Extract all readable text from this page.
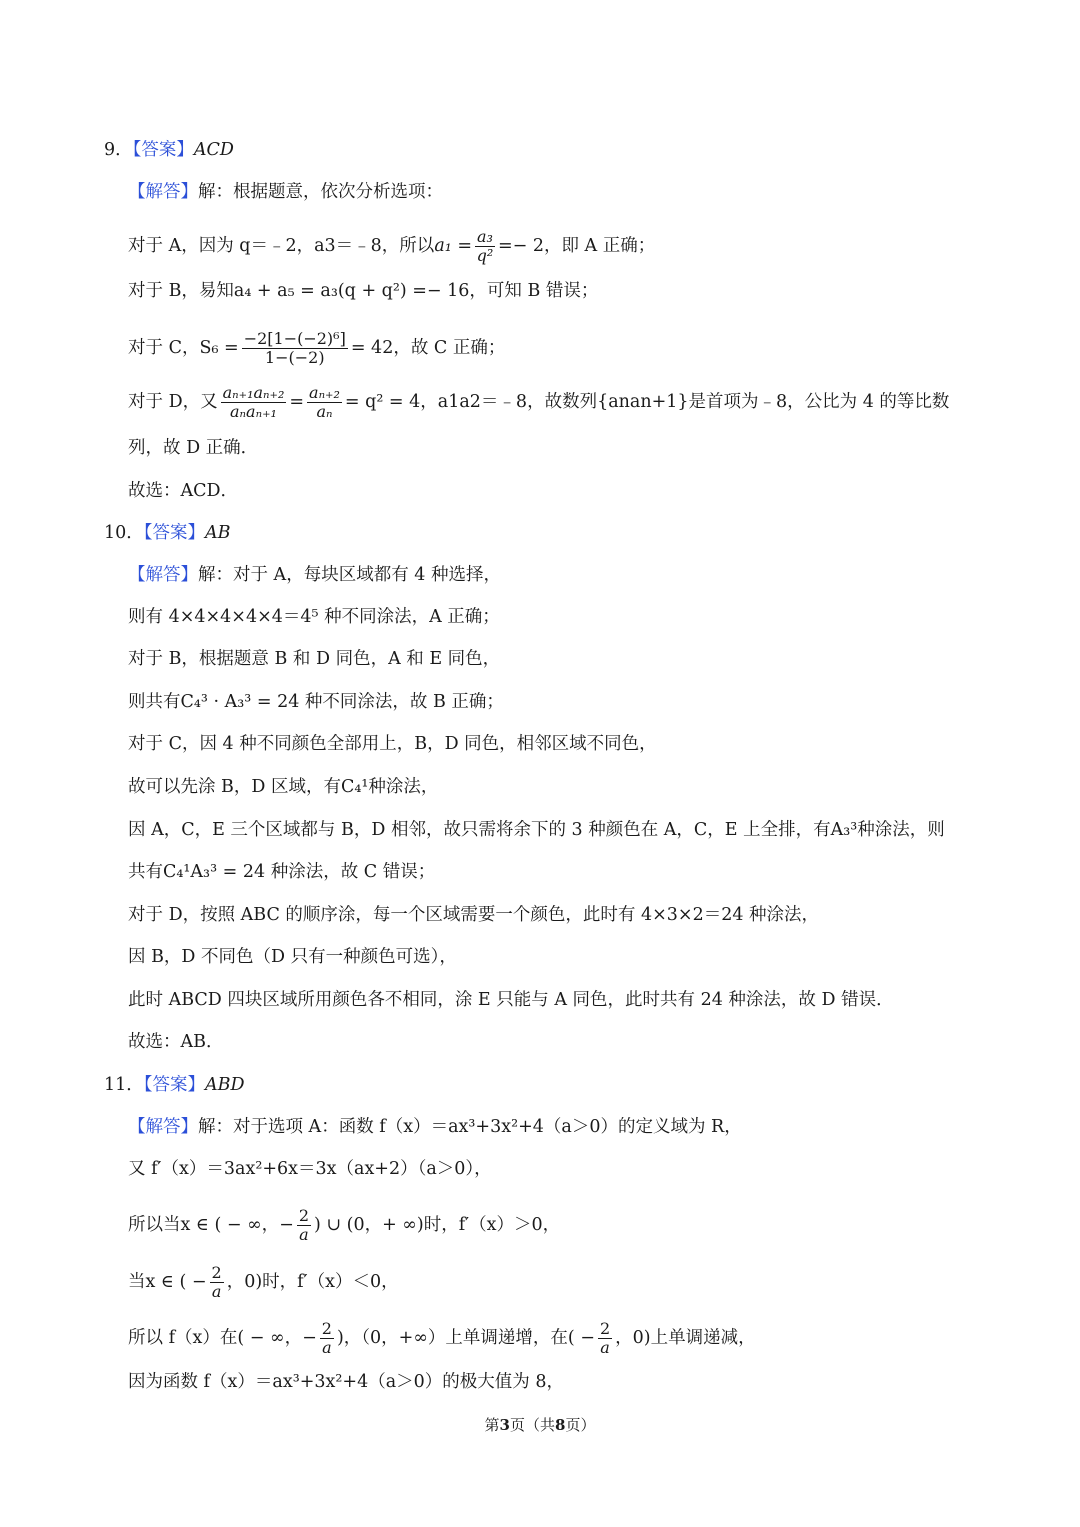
9．【答案】ACD
【解答】解：根据题意，依次分析选项：
对于 A，因为 q＝﹣2，a3＝﹣8，所以$a_1 = \frac{\text{a₃}}{\text{q²}} =- 2$，即 A 正确；
对于 B，易知a₄ + a₅ = a₃(q + q²) =− 16，可知 B 错误；
对于 C，$S_6 = \frac{\text{−2[1−(−2)⁶]}}{1-(-2)} = 42$，故 C 正确；
对于 D，又 $\frac{\text{aₙ₊₁aₙ₊₂}}{\text{aₙaₙ₊₁}} = \frac{\text{aₙ₊₂}}{\text{aₙ}} = q^2 = 4$，a1a2＝﹣8，故数列{anan+1}是首项为﹣8，公比为 4 的等比数
列，故 D 正确．
故选：ACD．
10．【答案】AB
【解答】解：对于 A，每块区域都有 4 种选择，
则有 4×4×4×4×4＝4⁵ 种不同涂法，A 正确；
对于 B，根据题意 B 和 D 同色，A 和 E 同色，
则共有C₄³ · A₃³ = 24 种不同涂法，故 B 正确；
对于 C，因 4 种不同颜色全部用上，B，D 同色，相邻区域不同色，
故可以先涂 B，D 区域，有C₄¹种涂法，
因 A，C，E 三个区域都与 B，D 相邻，故只需将余下的 3 种颜色在 A，C，E 上全排，有A₃³种涂法，则
共有C₄¹A₃³ = 24 种涂法，故 C 错误；
对于 D，按照 ABC 的顺序涂，每一个区域需要一个颜色，此时有 4×3×2＝24 种涂法，
因 B，D 不同色（D 只有一种颜色可选），
此时 ABCD 四块区域所用颜色各不相同，涂 E 只能与 A 同色，此时共有 24 种涂法，故 D 错误．
故选：AB．
11．【答案】ABD
【解答】解：对于选项 A：函数 f（x）＝ax³+3x²+4（a＞0）的定义域为 R，
又 f′（x）＝3ax²+6x＝3x（ax+2）（a＞0），
所以当x ∈ ( − ∞，− $\frac{2}{a}$ ) ∪ (0，+ ∞)时，f′（x）＞0，
当x ∈ ( − $\frac{2}{a}$ ，0)时，f′（x）＜0，
所以 f（x）在( − ∞，− $\frac{2}{a}$ )，（0，+∞）上单调递增，在( − $\frac{2}{a}$ ，0)上单调递减，
因为函数 f（x）＝ax³+3x²+4（a＞0）的极大值为 8，
第3页（共8页）
